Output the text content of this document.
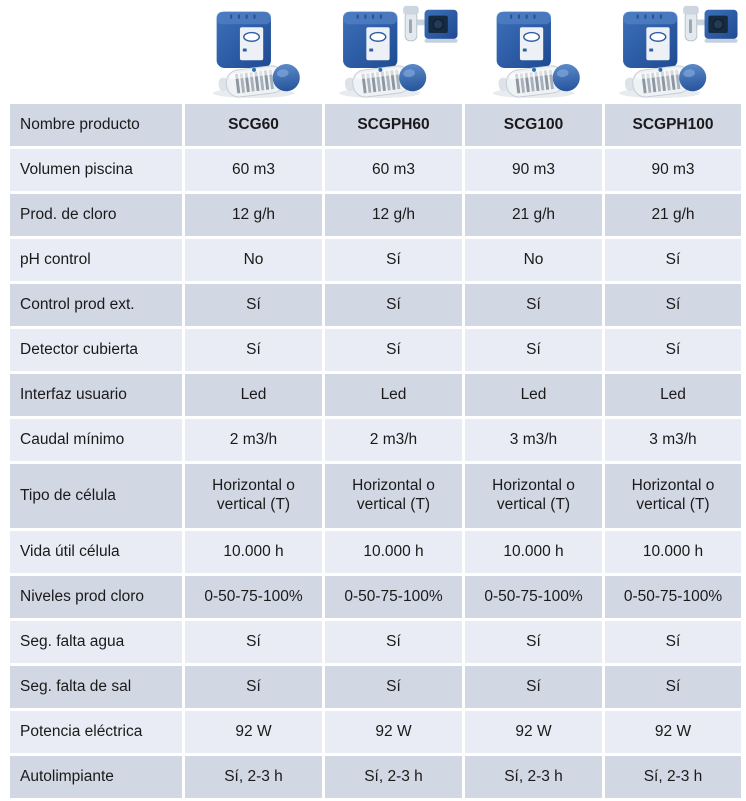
Nombre producto	SCG60	SCGPH60	SCG100	SCGPH100
Volumen piscina	60 m3	60 m3	90 m3	90 m3
Prod. de cloro	12 g/h	12 g/h	21 g/h	21 g/h
pH control	No	Sí	No	Sí
Control prod ext.	Sí	Sí	Sí	Sí
Detector cubierta	Sí	Sí	Sí	Sí
Interfaz usuario	Led	Led	Led	Led
Caudal mínimo	2 m3/h	2 m3/h	3 m3/h	3 m3/h
Tipo de célula	Horizontal o vertical (T)	Horizontal o vertical (T)	Horizontal o vertical (T)	Horizontal o vertical (T)
Vida útil célula	10.000 h	10.000 h	10.000 h	10.000 h
Niveles prod cloro	0-50-75-100%	0-50-75-100%	0-50-75-100%	0-50-75-100%
Seg. falta agua	Sí	Sí	Sí	Sí
Seg. falta de sal	Sí	Sí	Sí	Sí
Potencia eléctrica	92 W	92 W	92 W	92 W
Autolimpiante	Sí, 2-3 h	Sí, 2-3 h	Sí, 2-3 h	Sí, 2-3 h
